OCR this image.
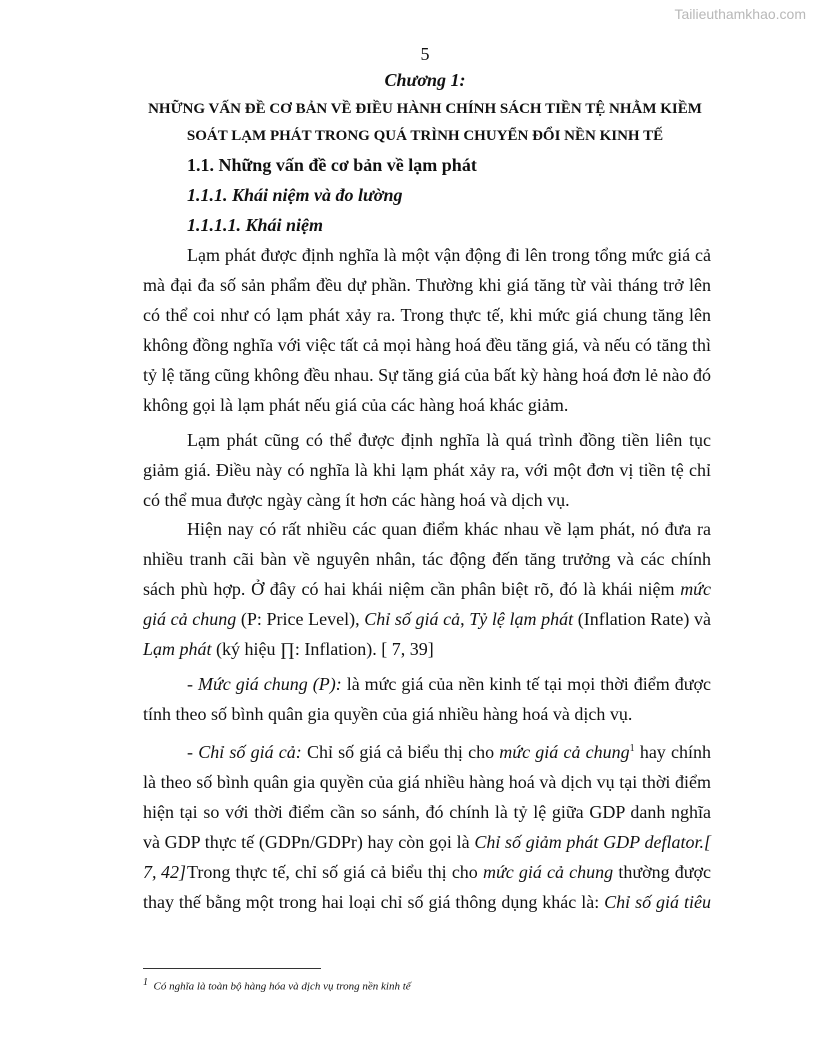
Tailieuthamkhao.com
5
Chương 1:
NHỮNG VẤN ĐỀ CƠ BẢN VỀ ĐIỀU HÀNH CHÍNH SÁCH TIỀN TỆ NHẰM KIỀM
SOÁT LẠM PHÁT TRONG QUÁ TRÌNH CHUYỂN ĐỔI NỀN KINH TẾ
1.1. Những vấn đề cơ bản về lạm phát
1.1.1. Khái niệm và đo lường
1.1.1.1. Khái niệm

Lạm phát được định nghĩa là một vận động đi lên trong tổng mức giá cả mà đại đa số sản phẩm đều dự phần. Thường khi giá tăng từ vài tháng trở lên có thể coi như có lạm phát xảy ra. Trong thực tế, khi mức giá chung tăng lên không đồng nghĩa với việc tất cả mọi hàng hoá đều tăng giá, và nếu có tăng thì tỷ lệ tăng cũng không đều nhau. Sự tăng giá của bất kỳ hàng hoá đơn lẻ nào đó không gọi là lạm phát nếu giá của các hàng hoá khác giảm.

Lạm phát cũng có thể được định nghĩa là quá trình đồng tiền liên tục giảm giá. Điều này có nghĩa là khi lạm phát xảy ra, với một đơn vị tiền tệ chỉ có thể mua được ngày càng ít hơn các hàng hoá và dịch vụ.

Hiện nay có rất nhiều các quan điểm khác nhau về lạm phát, nó đưa ra nhiều tranh cãi bàn về nguyên nhân, tác động đến tăng trưởng và các chính sách phù hợp. Ở đây có hai khái niệm cần phân biệt rõ, đó là khái niệm mức giá cả chung (P: Price Level), Chỉ số giá cả, Tỷ lệ lạm phát (Inflation Rate) và Lạm phát (ký hiệu ∏: Inflation). [ 7, 39]

- Mức giá chung (P): là mức giá của nền kinh tế tại mọi thời điểm được tính theo số bình quân gia quyền của giá nhiều hàng hoá và dịch vụ.

- Chỉ số giá cả: Chỉ số giá cả biểu thị cho mức giá cả chung$^1$ hay chính là theo số bình quân gia quyền của giá nhiều hàng hoá và dịch vụ tại thời điểm hiện tại so với thời điểm cần so sánh, đó chính là tỷ lệ giữa GDP danh nghĩa và GDP thực tế (GDPn/GDPr) hay còn gọi là Chỉ số giảm phát GDP deflator.[ 7, 42] Trong thực tế, chỉ số giá cả biểu thị cho mức giá cả chung thường được thay thế bằng một trong hai loại chỉ số giá thông dụng khác là: Chỉ số giá tiêu

$^1$ Có nghĩa là toàn bộ hàng hóa và dịch vụ trong nền kinh tế
